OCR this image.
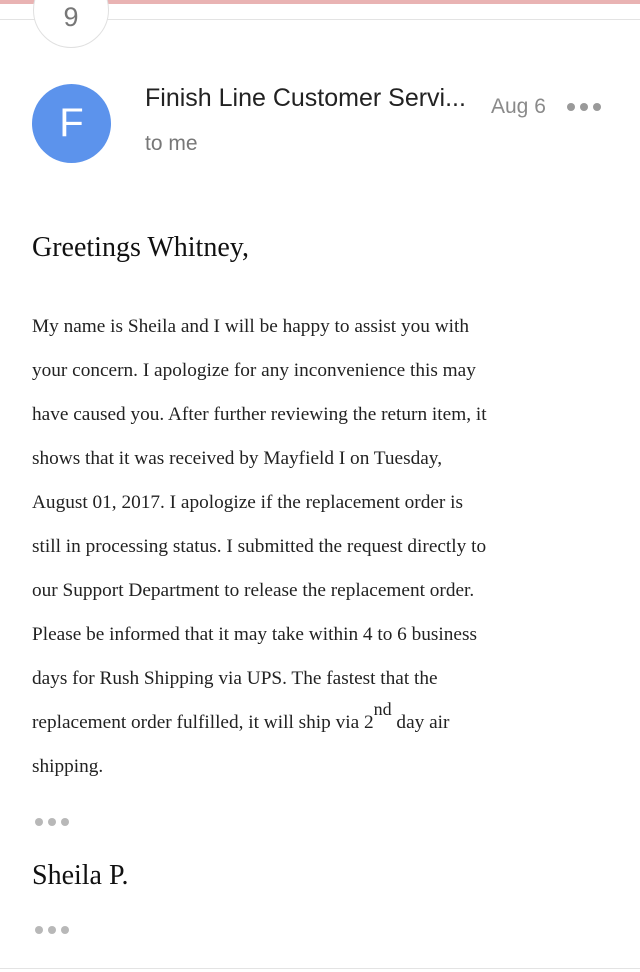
9
F
Finish Line Customer Servi... Aug 6
to me
Greetings Whitney,
My name is Sheila and I will be happy to assist you with
your concern. I apologize for any inconvenience this may
have caused you. After further reviewing the return item, it
shows that it was received by Mayfield I on Tuesday,
August 01, 2017. I apologize if the replacement order is
still in processing status. I submitted the request directly to
our Support Department to release the replacement order.
Please be informed that it may take within 4 to 6 business
days for Rush Shipping via UPS. The fastest that the
replacement order fulfilled, it will ship via 2nd day air
shipping.
Sheila P.
